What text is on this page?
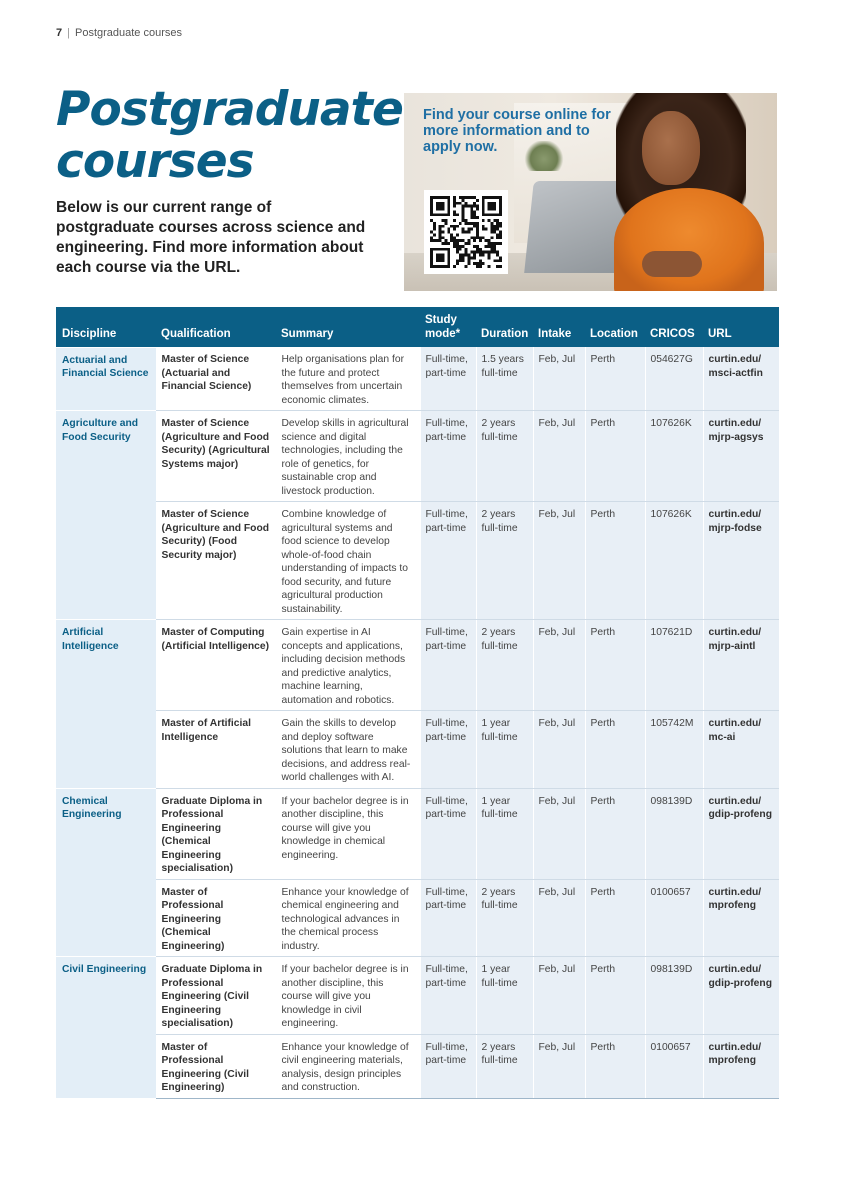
7 | Postgraduate courses
Postgraduate courses

Below is our current range of postgraduate courses across science and engineering. Find more information about each course via the URL.

Find your course online for more information and to apply now.

Discipline	Qualification	Summary	Study mode*	Duration	Intake	Location	CRICOS	URL
Actuarial and Financial Science	Master of Science (Actuarial and Financial Science)	Help organisations plan for the future and protect themselves from uncertain economic climates.	Full-time, part-time	1.5 years full-time	Feb, Jul	Perth	054627G	curtin.edu/ msci-actfin
Agriculture and Food Security	Master of Science (Agriculture and Food Security) (Agricultural Systems major)	Develop skills in agricultural science and digital technologies, including the role of genetics, for sustainable crop and livestock production.	Full-time, part-time	2 years full-time	Feb, Jul	Perth	107626K	curtin.edu/ mjrp-agsys
	Master of Science (Agriculture and Food Security) (Food Security major)	Combine knowledge of agricultural systems and food science to develop whole-of-food chain understanding of impacts to food security, and future agricultural production sustainability.	Full-time, part-time	2 years full-time	Feb, Jul	Perth	107626K	curtin.edu/ mjrp-fodse
Artificial Intelligence	Master of Computing (Artificial Intelligence)	Gain expertise in AI concepts and applications, including decision methods and predictive analytics, machine learning, automation and robotics.	Full-time, part-time	2 years full-time	Feb, Jul	Perth	107621D	curtin.edu/ mjrp-aintl
	Master of Artificial Intelligence	Gain the skills to develop and deploy software solutions that learn to make decisions, and address real-world challenges with AI.	Full-time, part-time	1 year full-time	Feb, Jul	Perth	105742M	curtin.edu/ mc-ai
Chemical Engineering	Graduate Diploma in Professional Engineering (Chemical Engineering specialisation)	If your bachelor degree is in another discipline, this course will give you knowledge in chemical engineering.	Full-time, part-time	1 year full-time	Feb, Jul	Perth	098139D	curtin.edu/ gdip-profeng
	Master of Professional Engineering (Chemical Engineering)	Enhance your knowledge of chemical engineering and technological advances in the chemical process industry.	Full-time, part-time	2 years full-time	Feb, Jul	Perth	0100657	curtin.edu/ mprofeng
Civil Engineering	Graduate Diploma in Professional Engineering (Civil Engineering specialisation)	If your bachelor degree is in another discipline, this course will give you knowledge in civil engineering.	Full-time, part-time	1 year full-time	Feb, Jul	Perth	098139D	curtin.edu/ gdip-profeng
	Master of Professional Engineering (Civil Engineering)	Enhance your knowledge of civil engineering materials, analysis, design principles and construction.	Full-time, part-time	2 years full-time	Feb, Jul	Perth	0100657	curtin.edu/ mprofeng
